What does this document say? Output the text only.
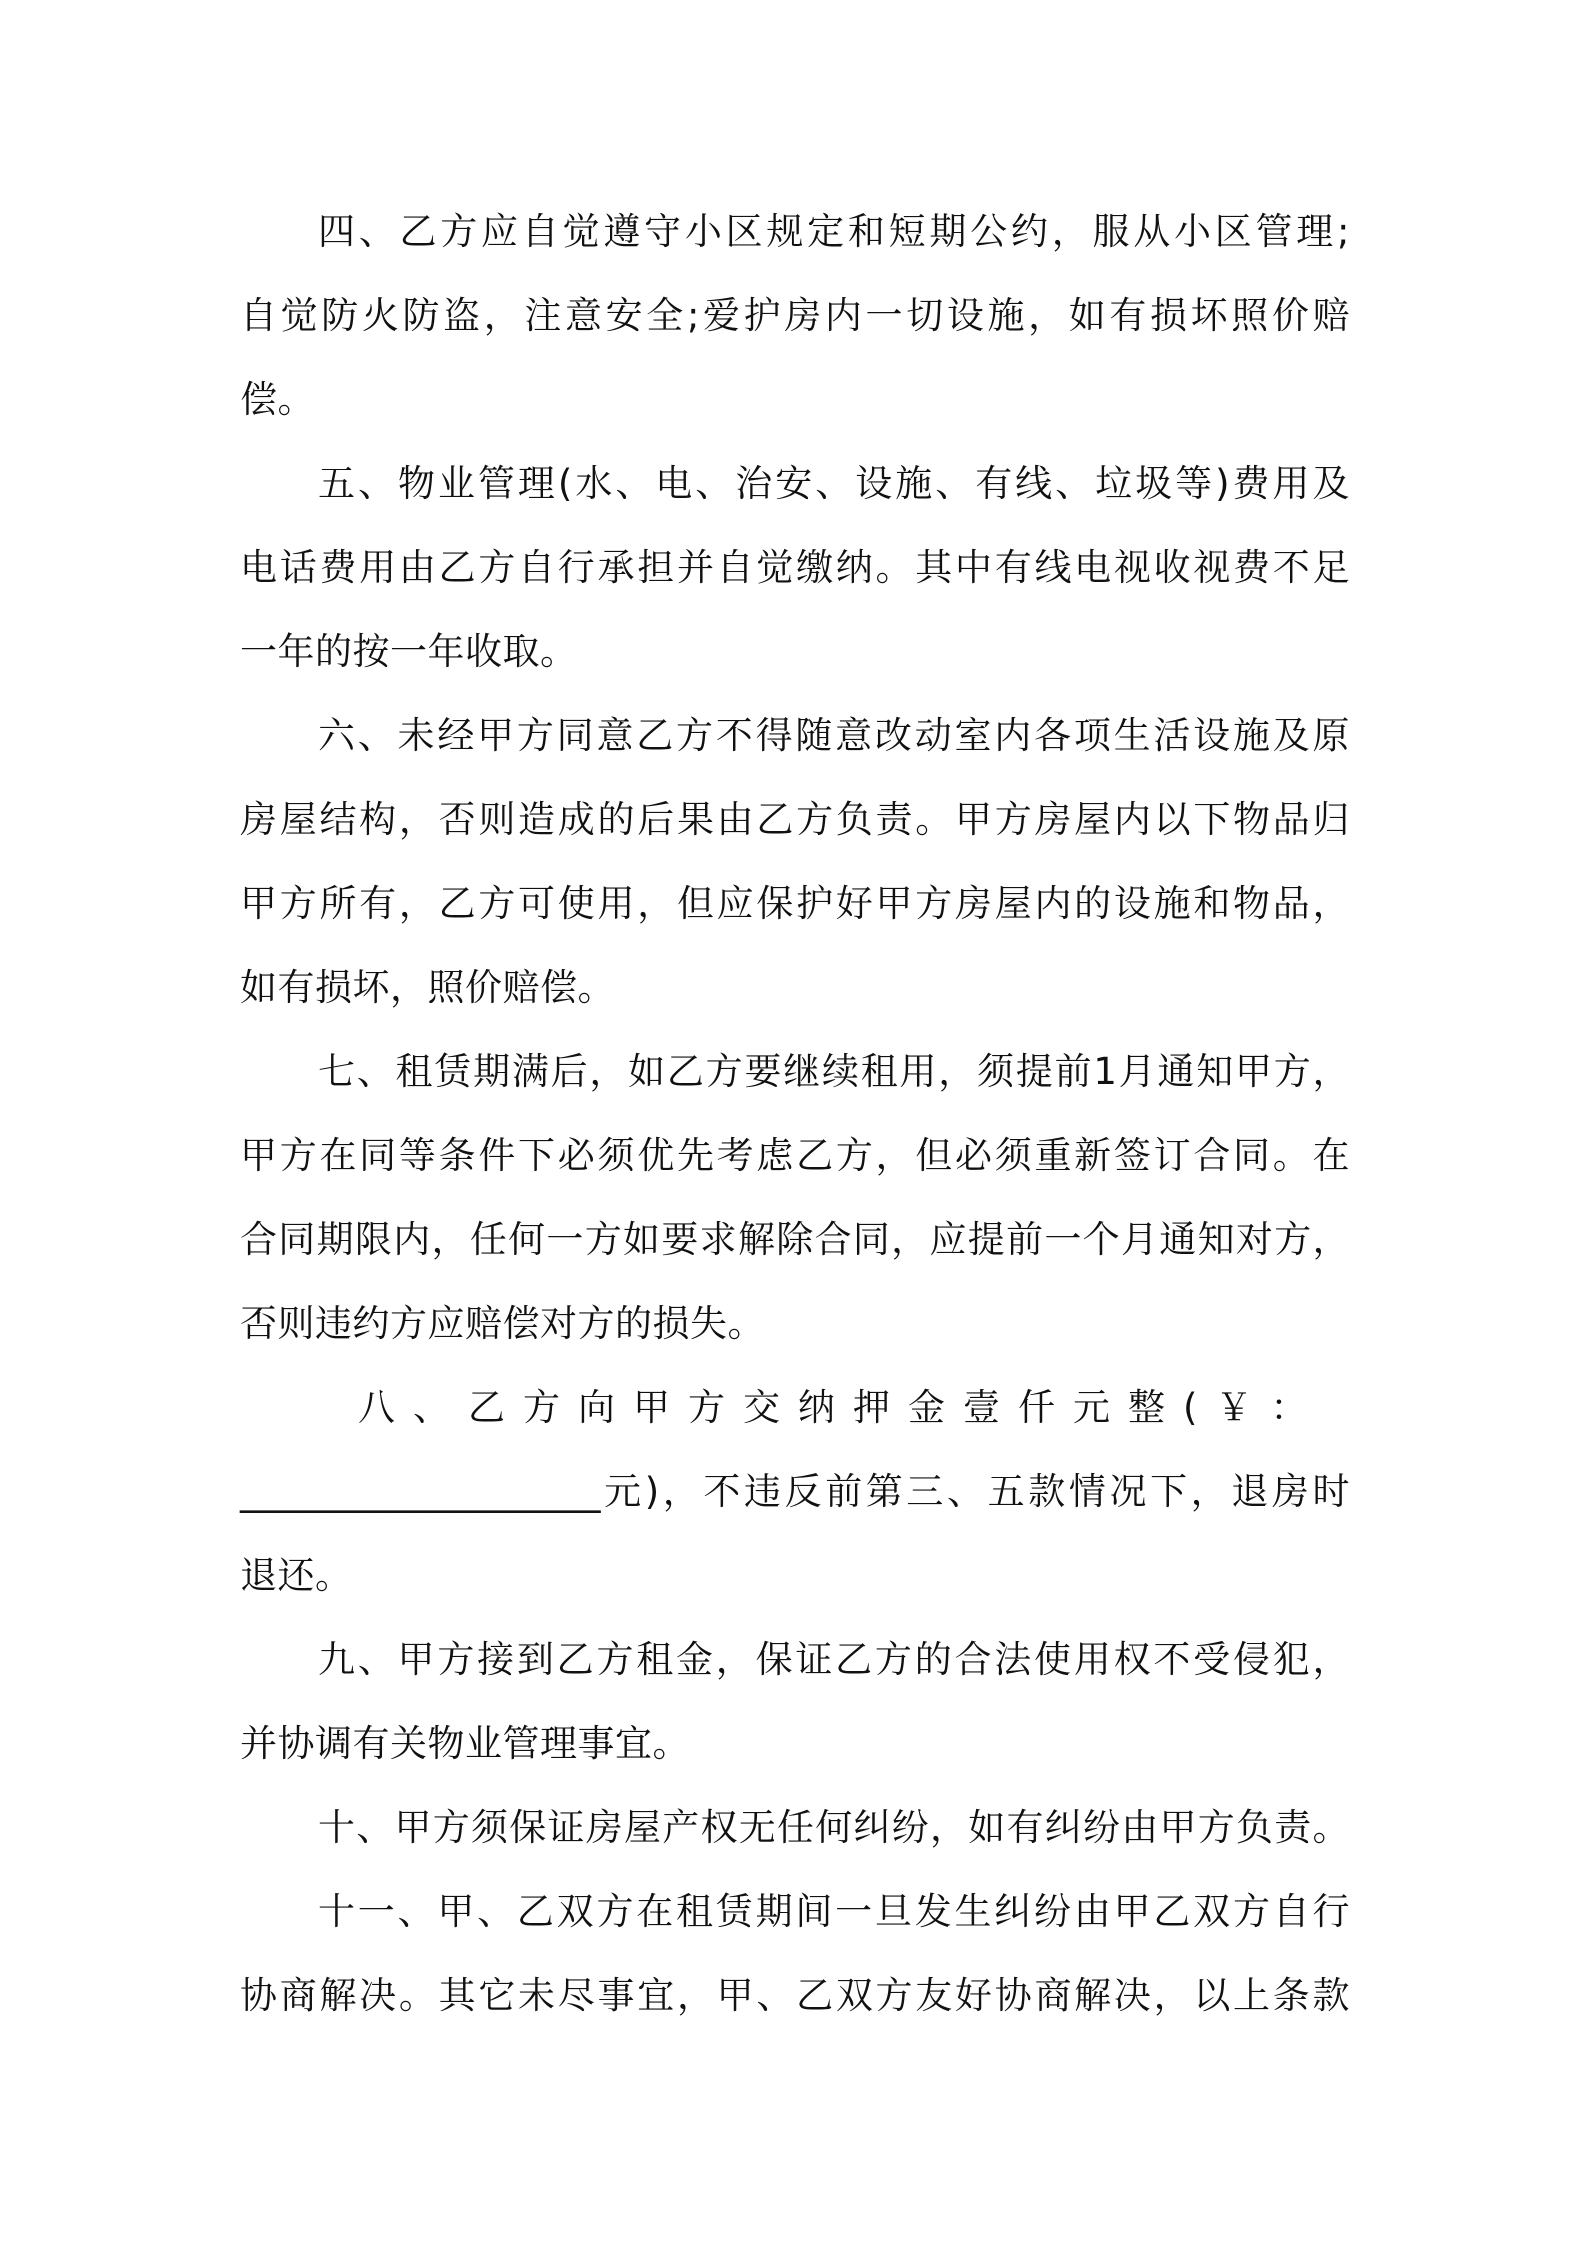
四、乙方应自觉遵守小区规定和短期公约，服从小区管理;
自觉防火防盗，注意安全;爱护房内一切设施，如有损坏照价赔
偿。
五、物业管理(水、电、治安、设施、有线、垃圾等)费用及
电话费用由乙方自行承担并自觉缴纳。其中有线电视收视费不足
一年的按一年收取。
六、未经甲方同意乙方不得随意改动室内各项生活设施及原
房屋结构，否则造成的后果由乙方负责。甲方房屋内以下物品归
甲方所有，乙方可使用，但应保护好甲方房屋内的设施和物品，
如有损坏，照价赔偿。
七、租赁期满后，如乙方要继续租用，须提前1月通知甲方，
甲方在同等条件下必须优先考虑乙方，但必须重新签订合同。在
合同期限内，任何一方如要求解除合同，应提前一个月通知对方，
否则违约方应赔偿对方的损失。
八、乙方向甲方交纳押金壹仟元整(￥：
___________________元)，不违反前第三、五款情况下，退房时
退还。
九、甲方接到乙方租金，保证乙方的合法使用权不受侵犯，
并协调有关物业管理事宜。
十、甲方须保证房屋产权无任何纠纷，如有纠纷由甲方负责。
十一、甲、乙双方在租赁期间一旦发生纠纷由甲乙双方自行
协商解决。其它未尽事宜，甲、乙双方友好协商解决，以上条款
